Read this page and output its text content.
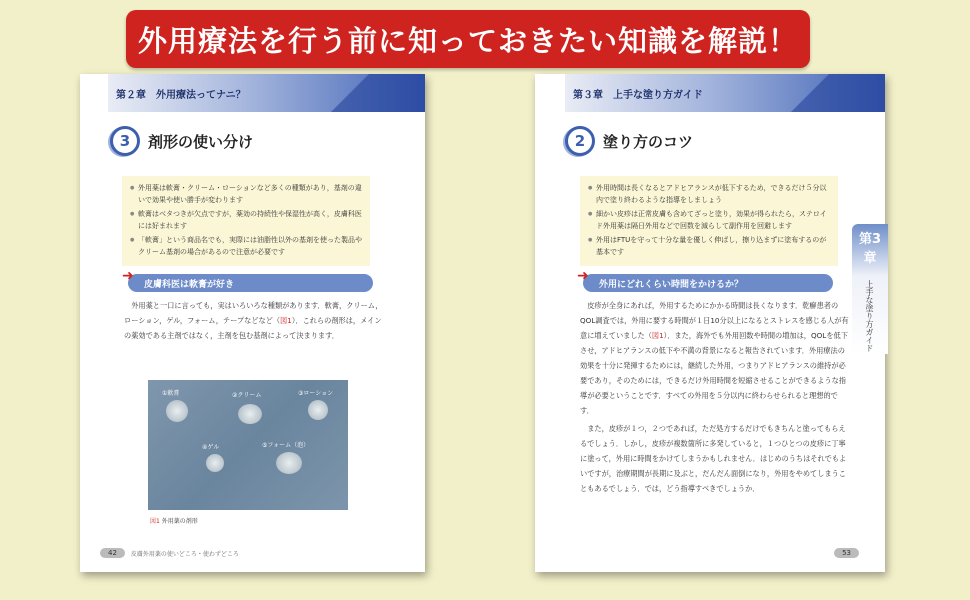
外用療法を行う前に知っておきたい知識を解説！
第２章　外用療法ってナニ？
3	剤形の使い分け
● 外用薬は軟膏・クリーム・ローションなど多くの種類があり，基剤の違いで効果や使い勝手が変わります
● 軟膏はベタつきが欠点ですが，薬効の持続性や保湿性が高く，皮膚科医には好まれます
● 「軟膏」という商品名でも，実際には油脂性以外の基剤を使った製品やクリーム基剤の場合があるので注意が必要です
➜
皮膚科医は軟膏が好き

外用薬と一口に言っても，実はいろいろな種類があります．軟膏，クリーム，ローション，ゲル，フォーム，テープなどなど（図1）．これらの剤形は，メインの薬効である主剤ではなく，主剤を包む基剤によって決まります．

①軟膏	②クリーム	③ローション
④ゲル	⑤フォーム（泡）
図1 外用薬の剤形
42	皮膚外用薬の使いどころ・使わずどころ
第３章　上手な塗り方ガイド
2	塗り方のコツ
● 外用時間は長くなるとアドヒアランスが低下するため，できるだけ５分以内で塗り終わるような指導をしましょう
● 細かい皮疹は正常皮膚も含めてざっと塗り，効果が得られたら，ステロイド外用薬は隔日外用などで回数を減らして副作用を回避します
● 外用はFTUを守って十分な量を優しく伸ばし，擦り込まずに塗布するのが基本です
➜
外用にどれくらい時間をかけるか？

皮疹が全身にあれば，外用するためにかかる時間は長くなります．乾癬患者のQOL調査では，外用に要する時間が１日10分以上になるとストレスを感じる人が有意に増えていました（図1）．また，海外でも外用回数や時間の増加は，QOLを低下させ，アドヒアランスの低下や不満の背景になると報告されています．外用療法の効果を十分に発揮するためには，継続した外用，つまりアドヒアランスの維持が必要であり，そのためには，できるだけ外用時間を短縮させることができるような指導が必要ということです．すべての外用を５分以内に終わらせられると理想的です．

また，皮疹が１つ，２つであれば，ただ処方するだけでもきちんと塗ってもらえるでしょう．しかし，皮疹が複数箇所に多発していると，１つひとつの皮疹に丁寧に塗って，外用に時間をかけてしまうかもしれません．はじめのうちはそれでもよいですが，治療期間が長期に及ぶと，だんだん面倒になり，外用をやめてしまうこともあるでしょう．では，どう指導すべきでしょうか．

53
第3章
上手な塗り方ガイド
